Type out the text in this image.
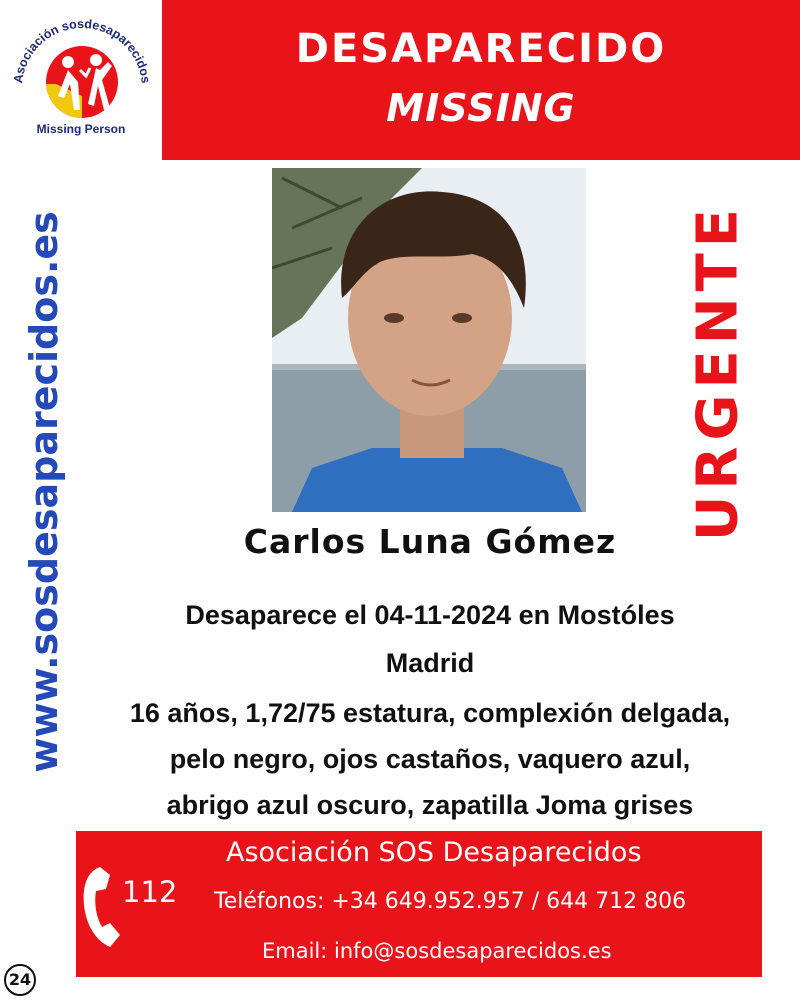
Asociación sosdesaparecidos
Missing Person
DESAPARECIDO
MISSING
www.sosdesaparecidos.es	URGENTE
Carlos Luna Gómez
Desaparece el 04-11-2024 en Mostóles
Madrid
16 años, 1,72/75 estatura, complexión delgada,
pelo negro, ojos castaños, vaquero azul,
abrigo azul oscuro, zapatilla Joma grises
Asociación SOS Desaparecidos
112 Teléfonos: +34 649.952.957 / 644 712 806
Email: info@sosdesaparecidos.es
24
